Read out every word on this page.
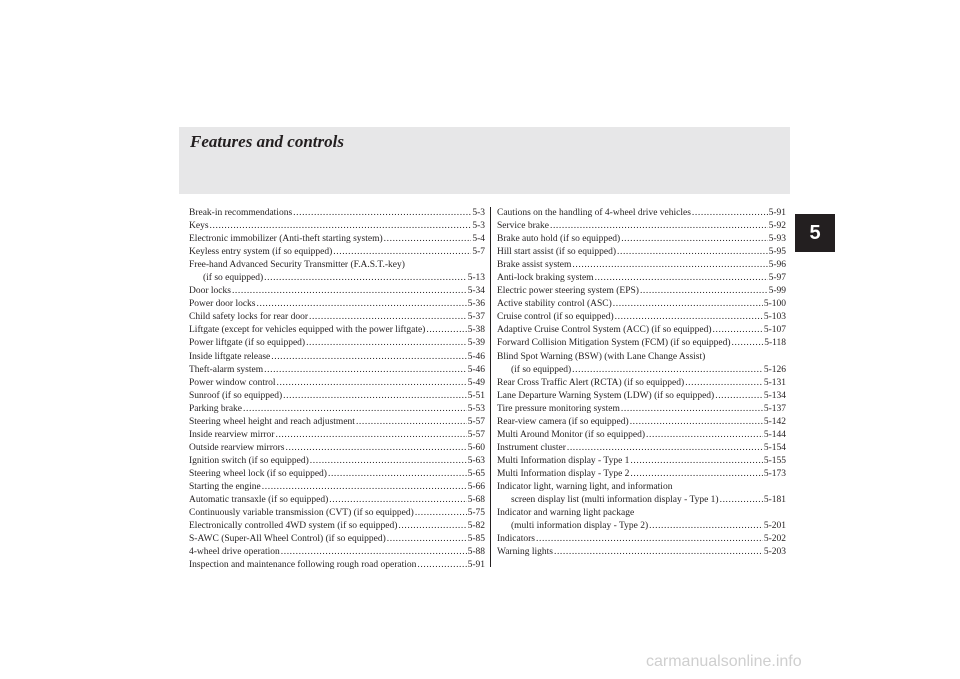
Features and controls
5
Break-in recommendations .....	5-3
Keys .....	5-3
Electronic immobilizer (Anti-theft starting system) .....	5-4
Keyless entry system (if so equipped) .....	5-7
Free-hand Advanced Security Transmitter (F.A.S.T.-key)
(if so equipped) .....	5-13
Door locks .....	5-34
Power door locks .....	5-36
Child safety locks for rear door .....	5-37
Liftgate (except for vehicles equipped with the power liftgate) .....	5-38
Power liftgate (if so equipped) .....	5-39
Inside liftgate release .....	5-46
Theft-alarm system .....	5-46
Power window control .....	5-49
Sunroof (if so equipped) .....	5-51
Parking brake .....	5-53
Steering wheel height and reach adjustment .....	5-57
Inside rearview mirror .....	5-57
Outside rearview mirrors .....	5-60
Ignition switch (if so equipped) .....	5-63
Steering wheel lock (if so equipped) .....	5-65
Starting the engine .....	5-66
Automatic transaxle (if so equipped) .....	5-68
Continuously variable transmission (CVT) (if so equipped) .....	5-75
Electronically controlled 4WD system (if so equipped) .....	5-82
S-AWC (Super-All Wheel Control) (if so equipped) .....	5-85
4-wheel drive operation .....	5-88
Inspection and maintenance following rough road operation .....	5-91
Cautions on the handling of 4-wheel drive vehicles .....	5-91
Service brake .....	5-92
Brake auto hold (if so equipped) .....	5-93
Hill start assist (if so equipped) .....	5-95
Brake assist system .....	5-96
Anti-lock braking system .....	5-97
Electric power steering system (EPS) .....	5-99
Active stability control (ASC) .....	5-100
Cruise control (if so equipped) .....	5-103
Adaptive Cruise Control System (ACC) (if so equipped) .....	5-107
Forward Collision Mitigation System (FCM) (if so equipped) .....	5-118
Blind Spot Warning (BSW) (with Lane Change Assist)
(if so equipped) .....	5-126
Rear Cross Traffic Alert (RCTA) (if so equipped) .....	5-131
Lane Departure Warning System (LDW) (if so equipped) .....	5-134
Tire pressure monitoring system .....	5-137
Rear-view camera (if so equipped) .....	5-142
Multi Around Monitor (if so equipped) .....	5-144
Instrument cluster .....	5-154
Multi Information display - Type 1 .....	5-155
Multi Information display - Type 2 .....	5-173
Indicator light, warning light, and information
screen display list (multi information display - Type 1) .....	5-181
Indicator and warning light package
(multi information display - Type 2) .....	5-201
Indicators .....	5-202
Warning lights .....	5-203
carmanualsonline.info
